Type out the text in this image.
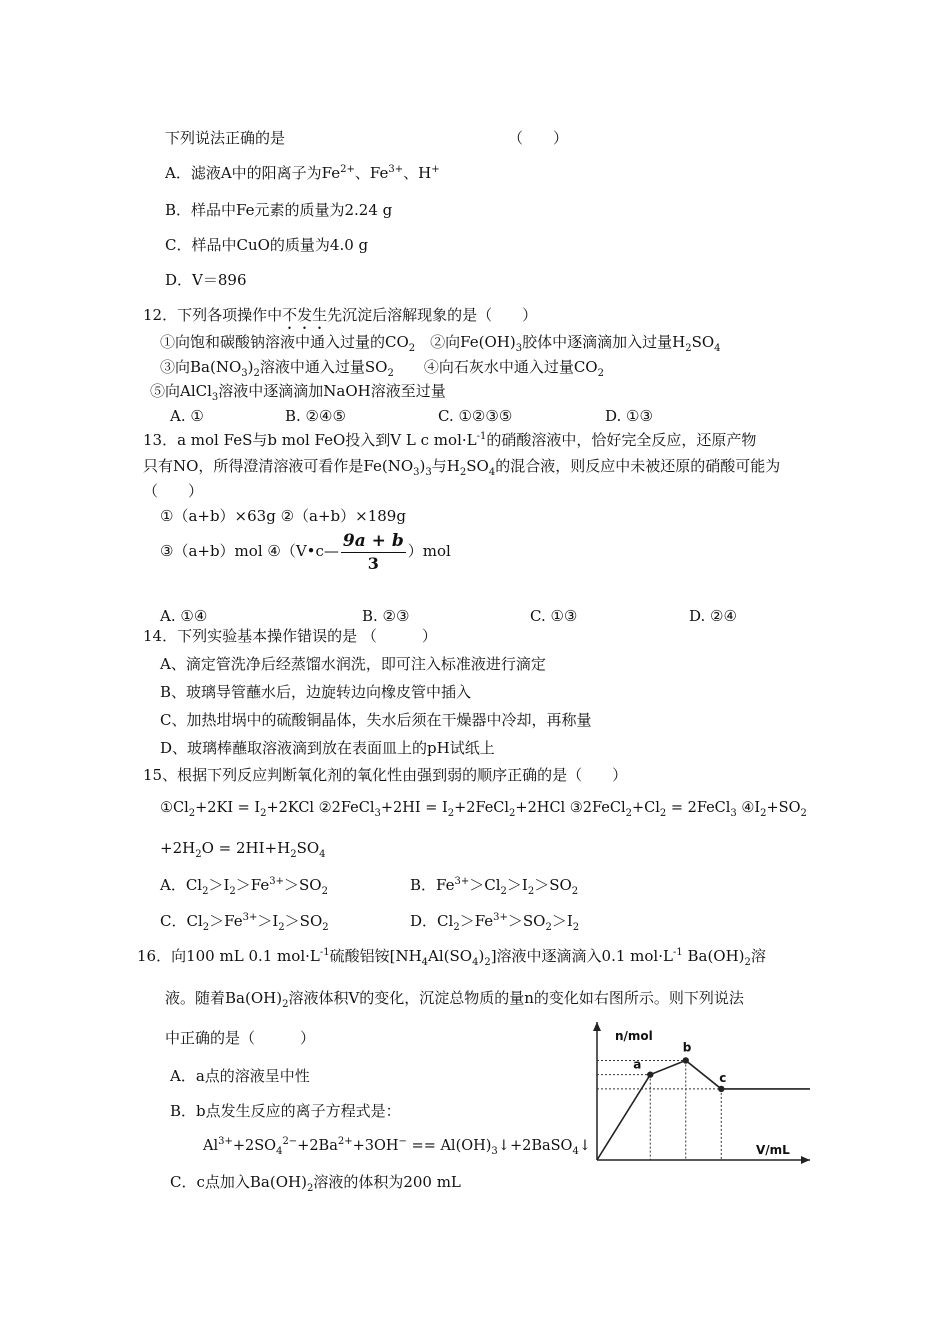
下列说法正确的是	（　　）
A．滤液A中的阳离子为$Fe^{2+}$、$Fe^{3+}$、H+
B．样品中Fe元素的质量为2.24 g
C．样品中CuO的质量为4.0 g
D．V＝896
12．下列各项操作中不发生先沉淀后溶解现象的是（　　）
①向饱和碳酸钠溶液中通入过量的$CO_2$　②向$Fe(OH)_3$胶体中逐滴滴加入过量$H_2SO_4$
③向$Ba(NO_3)_2$溶液中通入过量$SO_2$　　④向石灰水中通入过量$CO_2$
⑤向AlCl$_3$溶液中逐滴滴加NaOH溶液至过量
A. ①	B. ②④⑤	C. ①②③⑤	D. ①③
13．a mol FeS与b mol FeO投入到V L c $mol\cdot L^{-1}$的硝酸溶液中，恰好完全反应，还原产物
只有NO，所得澄清溶液可看作是$Fe(NO_3)_3$与$H_2SO_4$的混合液，则反应中未被还原的硝酸可能为
（　　）
①（a+b）×63g ②（a+b）×189g
③（a+b）mol ④（V•c— $\frac{9a + b}{3} )mol$
A. ①④	B. ②③	C. ①③	D. ②④
14．下列实验基本操作错误的是 （　　　）
A、滴定管洗净后经蒸馏水润洗，即可注入标准液进行滴定
B、玻璃导管蘸水后，边旋转边向橡皮管中插入
C、加热坩埚中的硫酸铜晶体，失水后须在干燥器中冷却，再称量
D、玻璃棒蘸取溶液滴到放在表面皿上的pH试纸上
15、根据下列反应判断氧化剂的氧化性由强到弱的顺序正确的是（　　）
$①Cl_2+2KI = I_2+2KCl$ ②2FeCl$_3$+2HI = $I_2+2FeCl_2+2HCl$ $③2FeCl_2+Cl_2$ = 2FeCl$_3$ $④I_2+SO_2$
$+2H_2O = 2HI+H_2SO_4$
A．$Cl_2>I_2>Fe^{3+}>SO_2$	B．$Fe^{3+}>Cl_2>I_2>SO_2$
C．$Cl_2>Fe^{3+}>I_2>SO_2$	D．$Cl_2>Fe^{3+}>SO_2>I_2$
16．向100 mL 0.1 $mol\cdot L^{-1}$硫酸铝铵$[NH_4Al(SO_4)_2]$溶液中逐滴滴入0.1 $mol\cdot L^{-1}$ $Ba(OH)_2$溶
液。随着$Ba(OH)_2$溶液体积V的变化，沉淀总物质的量n的变化如右图所示。则下列说法
中正确的是（　　　）
A．a点的溶液呈中性
B．b点发生反应的离子方程式是：
$Al^{3+}+2SO_4^{2-}+2Ba^{2+}+3OH^-$ == $Al(OH)_3↓+2BaSO_4↓$
C．c点加入$Ba(OH)_2$溶液的体积为200 mL
a
b
c
n/mol
V/mL
